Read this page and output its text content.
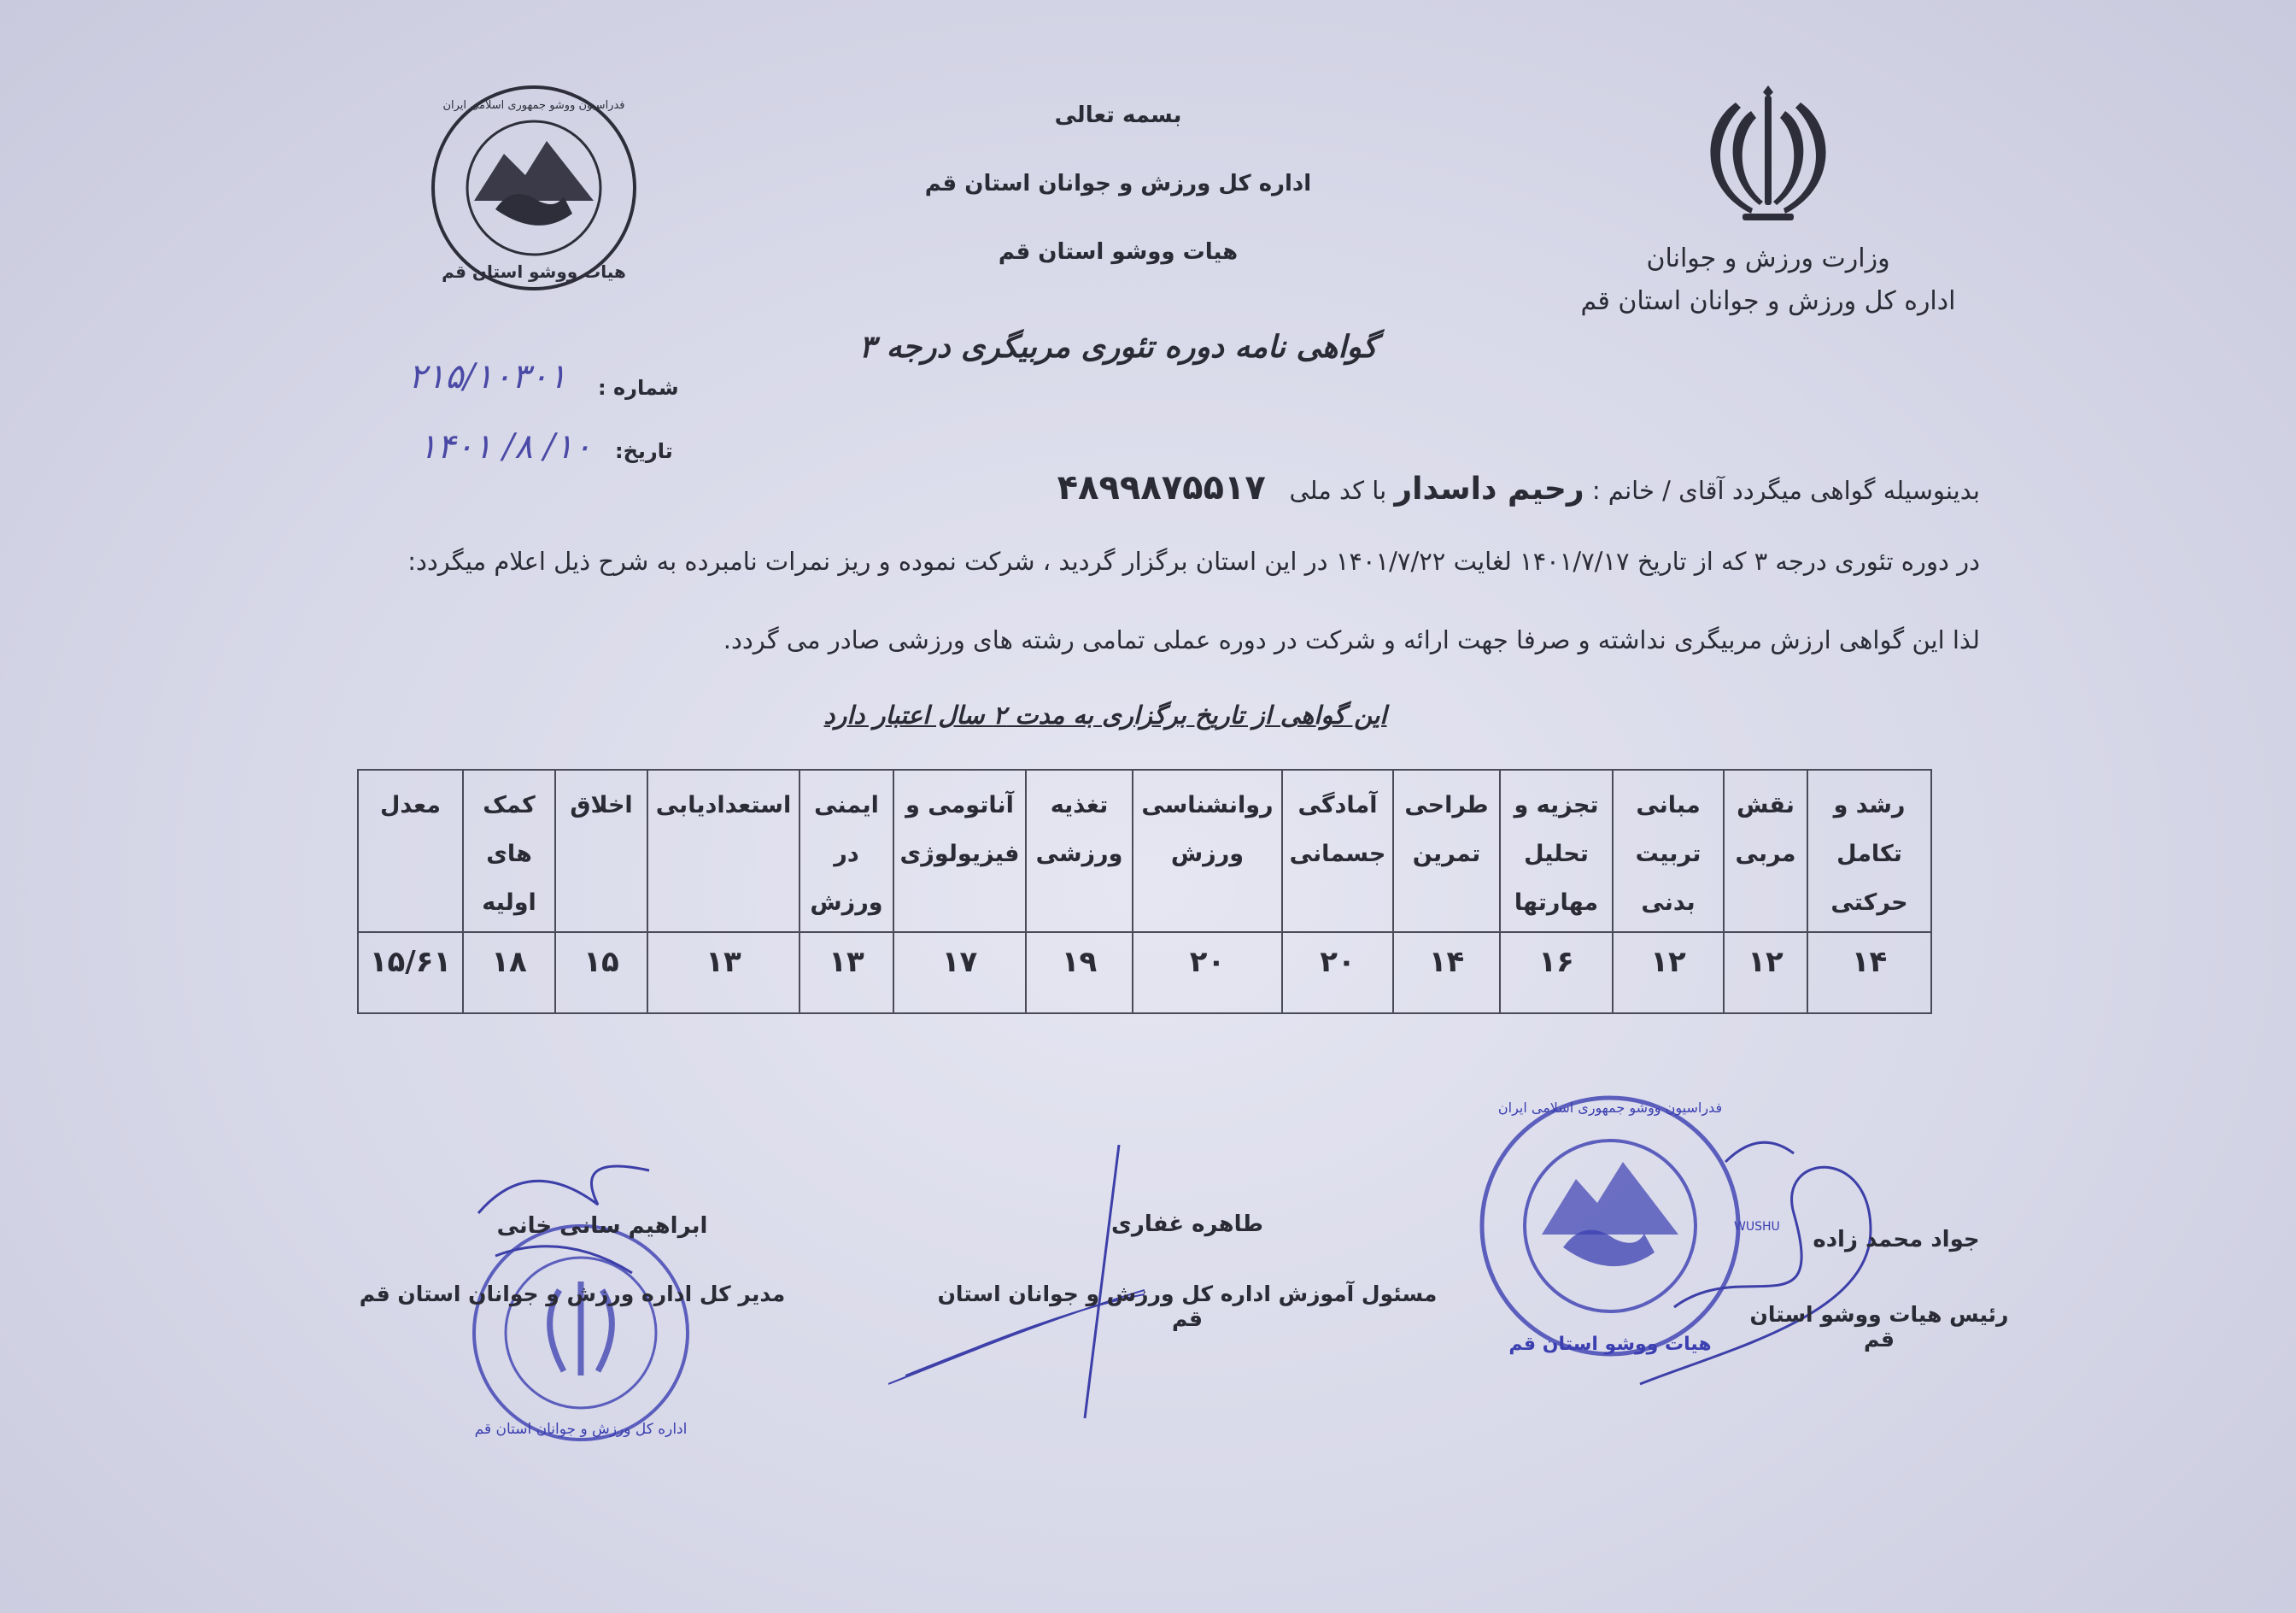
بسمه تعالی
اداره کل ورزش و جوانان استان قم
هیات ووشو استان قم
گواهی نامه دوره تئوری مربیگری درجه ۳
وزارت ورزش و جوانان
اداره کل ورزش و جوانان استان قم
هیات ووشو استان قم
فدراسیون ووشو جمهوری اسلامی ایران
شماره :
۲۱۵/۱۰۳۰۱
تاریخ:
۱۴۰۱ /۸ /۱۰
بدینوسیله گواهی میگردد آقای / خانم : رحیم داسدار با کد ملی   ۴۸۹۹۸۷۵۵۱۷
در دوره تئوری درجه ۳ که از تاریخ ۱۴۰۱/۷/۱۷ لغایت ۱۴۰۱/۷/۲۲ در این استان برگزار گردید ، شرکت نموده و ریز نمرات نامبرده به شرح ذیل اعلام میگردد:
لذا این گواهی ارزش مربیگری نداشته و صرفا جهت ارائه و شرکت در دوره عملی تمامی رشته های ورزشی صادر می گردد.
این گواهی از تاریخ برگزاری به مدت ۲ سال اعتبار دارد
رشد و تکامل حرکتی	نقش مربی	مبانی تربیت بدنی	تجزیه و تحلیل مهارتها	طراحی تمرین	آمادگی جسمانی	روانشناسی ورزش	تغذیه ورزشی	آناتومی و فیزیولوژی	ایمنی در ورزش	استعدادیابی	اخلاق	کمک های اولیه	معدل
۱۴	۱۲	۱۲	۱۶	۱۴	۲۰	۲۰	۱۹	۱۷	۱۳	۱۳	۱۵	۱۸	۱۵/۶۱
اداره کل ورزش و جوانان استان قم
ابراهیم سانی خانی
مدیر کل اداره ورزش و جوانان استان قم
طاهره غفاری
مسئول آموزش اداره کل ورزش و جوانان استان قم
هیات ووشو استان قم
فدراسیون ووشو جمهوری اسلامی ایران
WUSHU	جواد محمد زاده
رئیس هیات ووشو استان قم
